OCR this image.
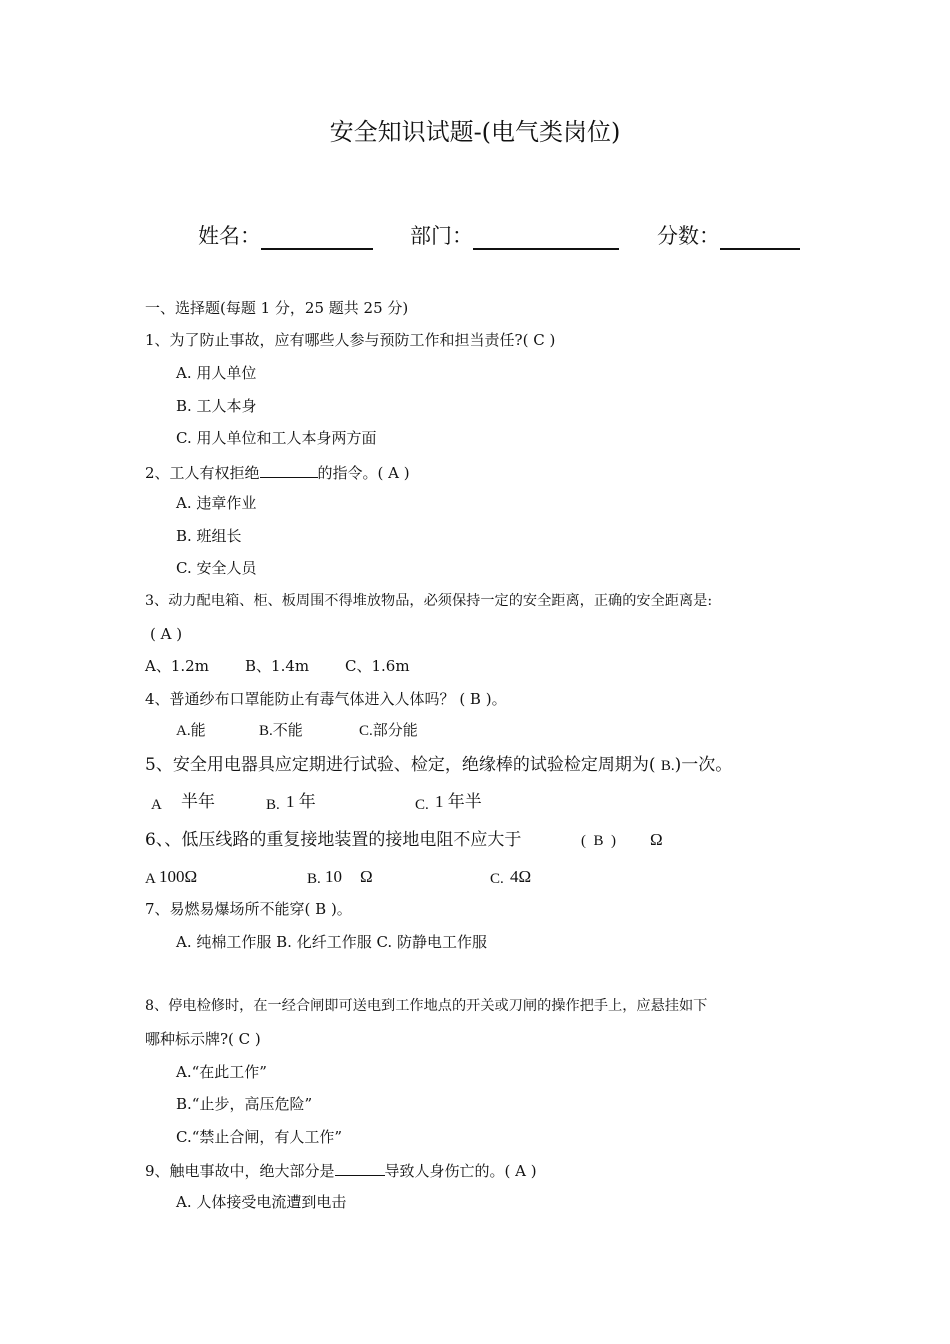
安全知识试题-(电气类岗位)
姓名：	部门：	分数：
一、选择题(每题 1 分，25 题共 25 分)
1、为了防止事故，应有哪些人参与预防工作和担当责任?( C )
A. 用人单位
B. 工人本身
C. 用人单位和工人本身两方面
2、工人有权拒绝	的指令。( A )
A. 违章作业
B. 班组长
C. 安全人员
3、动力配电箱、柜、板周围不得堆放物品，必须保持一定的安全距离，正确的安全距离是:
( A )
A、1.2m B、1.4m C、1.6m
4、普通纱布口罩能防止有毒气体进入人体吗？ ( B )。
A.能	B.不能	C.部分能
5、安全用电器具应定期进行试验、检定，绝缘棒的试验检定周期为( B.)一次。
A 半年	B. 1 年	C. 1 年半
6、、低压线路的重复接地装置的接地电阻不应大于	(  B  ) Ω
A 100Ω	B. 10 Ω	C. 4Ω
7、易燃易爆场所不能穿( B )。
A. 纯棉工作服 B. 化纤工作服 C. 防静电工作服
8、停电检修时，在一经合闸即可送电到工作地点的开关或刀闸的操作把手上，应悬挂如下
哪种标示牌?( C )
A.“在此工作”
B.“止步，高压危险”
C.“禁止合闸，有人工作”
9、触电事故中，绝大部分是	导致人身伤亡的。( A )
A. 人体接受电流遭到电击
